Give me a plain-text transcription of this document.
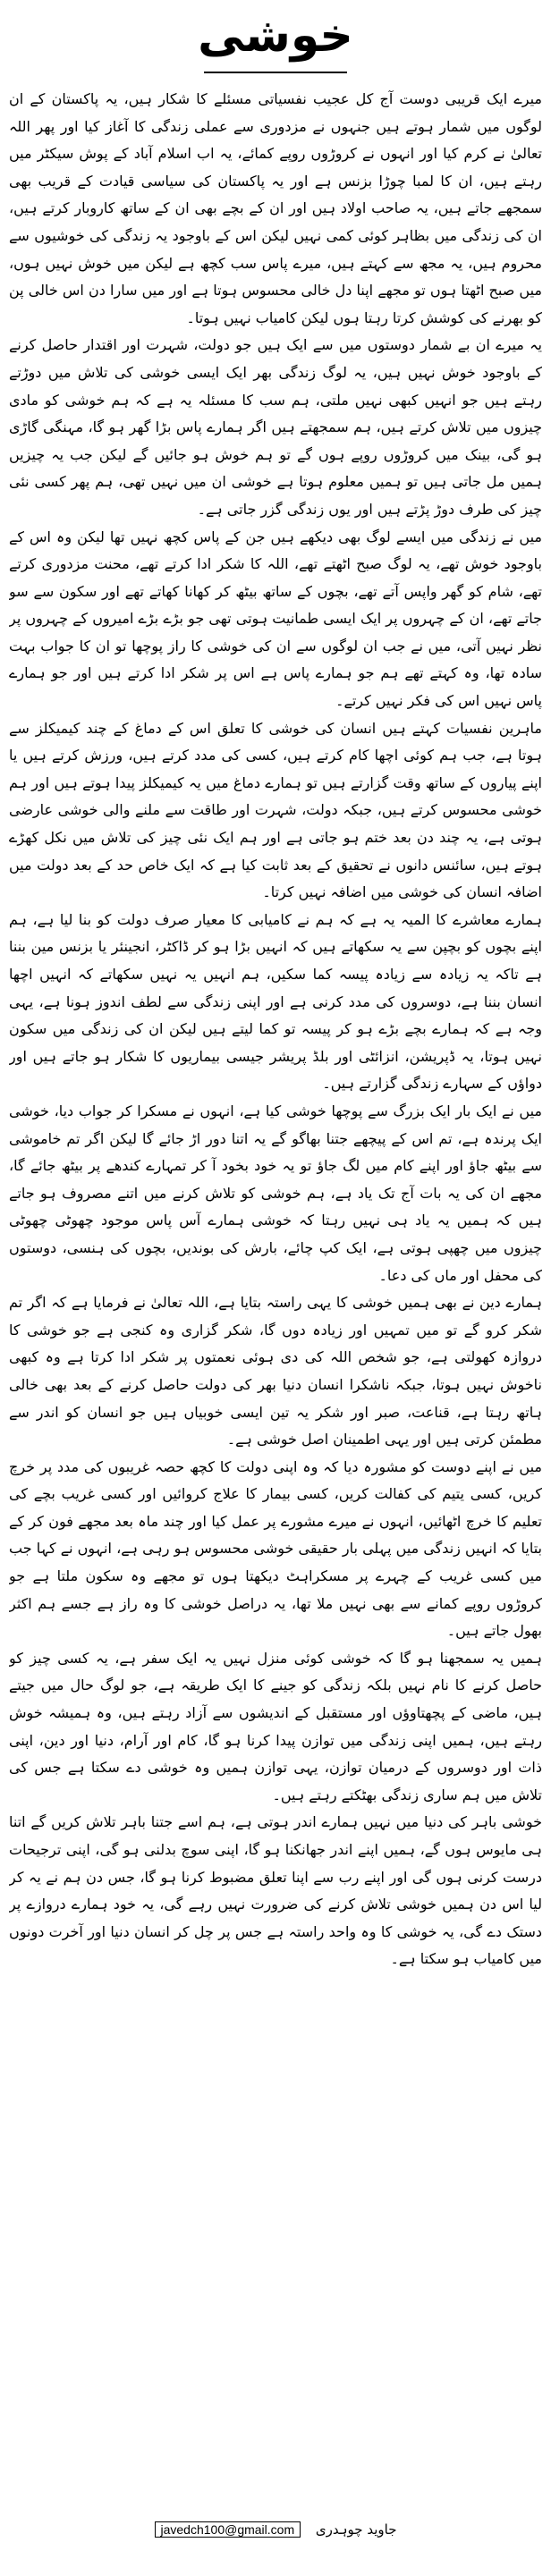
خوشی

میرے ایک قریبی دوست آج کل عجیب نفسیاتی مسئلے کا شکار ہیں، یہ پاکستان کے ان لوگوں میں شمار ہوتے ہیں جنہوں نے مزدوری سے عملی زندگی کا آغاز کیا اور پھر اللہ تعالیٰ نے کرم کیا اور انہوں نے کروڑوں روپے کمائے، یہ اب اسلام آباد کے پوش سیکٹر میں رہتے ہیں، ان کا لمبا چوڑا بزنس ہے اور یہ پاکستان کی سیاسی قیادت کے قریب بھی سمجھے جاتے ہیں، یہ صاحب اولاد ہیں اور ان کے بچے بھی ان کے ساتھ کاروبار کرتے ہیں، ان کی زندگی میں بظاہر کوئی کمی نہیں لیکن اس کے باوجود یہ زندگی کی خوشیوں سے محروم ہیں، یہ مجھ سے کہتے ہیں، میرے پاس سب کچھ ہے لیکن میں خوش نہیں ہوں، میں صبح اٹھتا ہوں تو مجھے اپنا دل خالی محسوس ہوتا ہے اور میں سارا دن اس خالی پن کو بھرنے کی کوشش کرتا رہتا ہوں لیکن کامیاب نہیں ہوتا۔

یہ میرے ان بے شمار دوستوں میں سے ایک ہیں جو دولت، شہرت اور اقتدار حاصل کرنے کے باوجود خوش نہیں ہیں، یہ لوگ زندگی بھر ایک ایسی خوشی کی تلاش میں دوڑتے رہتے ہیں جو انہیں کبھی نہیں ملتی، ہم سب کا مسئلہ یہ ہے کہ ہم خوشی کو مادی چیزوں میں تلاش کرتے ہیں، ہم سمجھتے ہیں اگر ہمارے پاس بڑا گھر ہو گا، مہنگی گاڑی ہو گی، بینک میں کروڑوں روپے ہوں گے تو ہم خوش ہو جائیں گے لیکن جب یہ چیزیں ہمیں مل جاتی ہیں تو ہمیں معلوم ہوتا ہے خوشی ان میں نہیں تھی، ہم پھر کسی نئی چیز کی طرف دوڑ پڑتے ہیں اور یوں زندگی گزر جاتی ہے۔

میں نے زندگی میں ایسے لوگ بھی دیکھے ہیں جن کے پاس کچھ نہیں تھا لیکن وہ اس کے باوجود خوش تھے، یہ لوگ صبح اٹھتے تھے، اللہ کا شکر ادا کرتے تھے، محنت مزدوری کرتے تھے، شام کو گھر واپس آتے تھے، بچوں کے ساتھ بیٹھ کر کھانا کھاتے تھے اور سکون سے سو جاتے تھے، ان کے چہروں پر ایک ایسی طمانیت ہوتی تھی جو بڑے بڑے امیروں کے چہروں پر نظر نہیں آتی، میں نے جب ان لوگوں سے ان کی خوشی کا راز پوچھا تو ان کا جواب بہت سادہ تھا، وہ کہتے تھے ہم جو ہمارے پاس ہے اس پر شکر ادا کرتے ہیں اور جو ہمارے پاس نہیں اس کی فکر نہیں کرتے۔

ماہرین نفسیات کہتے ہیں انسان کی خوشی کا تعلق اس کے دماغ کے چند کیمیکلز سے ہوتا ہے، جب ہم کوئی اچھا کام کرتے ہیں، کسی کی مدد کرتے ہیں، ورزش کرتے ہیں یا اپنے پیاروں کے ساتھ وقت گزارتے ہیں تو ہمارے دماغ میں یہ کیمیکلز پیدا ہوتے ہیں اور ہم خوشی محسوس کرتے ہیں، جبکہ دولت، شہرت اور طاقت سے ملنے والی خوشی عارضی ہوتی ہے، یہ چند دن بعد ختم ہو جاتی ہے اور ہم ایک نئی چیز کی تلاش میں نکل کھڑے ہوتے ہیں، سائنس دانوں نے تحقیق کے بعد ثابت کیا ہے کہ ایک خاص حد کے بعد دولت میں اضافہ انسان کی خوشی میں اضافہ نہیں کرتا۔

ہمارے معاشرے کا المیہ یہ ہے کہ ہم نے کامیابی کا معیار صرف دولت کو بنا لیا ہے، ہم اپنے بچوں کو بچپن سے یہ سکھاتے ہیں کہ انہیں بڑا ہو کر ڈاکٹر، انجینئر یا بزنس مین بننا ہے تاکہ یہ زیادہ سے زیادہ پیسہ کما سکیں، ہم انہیں یہ نہیں سکھاتے کہ انہیں اچھا انسان بننا ہے، دوسروں کی مدد کرنی ہے اور اپنی زندگی سے لطف اندوز ہونا ہے، یہی وجہ ہے کہ ہمارے بچے بڑے ہو کر پیسہ تو کما لیتے ہیں لیکن ان کی زندگی میں سکون نہیں ہوتا، یہ ڈپریشن، انزائٹی اور بلڈ پریشر جیسی بیماریوں کا شکار ہو جاتے ہیں اور دواؤں کے سہارے زندگی گزارتے ہیں۔

میں نے ایک بار ایک بزرگ سے پوچھا خوشی کیا ہے، انہوں نے مسکرا کر جواب دیا، خوشی ایک پرندہ ہے، تم اس کے پیچھے جتنا بھاگو گے یہ اتنا دور اڑ جائے گا لیکن اگر تم خاموشی سے بیٹھ جاؤ اور اپنے کام میں لگ جاؤ تو یہ خود بخود آ کر تمہارے کندھے پر بیٹھ جائے گا، مجھے ان کی یہ بات آج تک یاد ہے، ہم خوشی کو تلاش کرنے میں اتنے مصروف ہو جاتے ہیں کہ ہمیں یہ یاد ہی نہیں رہتا کہ خوشی ہمارے آس پاس موجود چھوٹی چھوٹی چیزوں میں چھپی ہوتی ہے، ایک کپ چائے، بارش کی بوندیں، بچوں کی ہنسی، دوستوں کی محفل اور ماں کی دعا۔

ہمارے دین نے بھی ہمیں خوشی کا یہی راستہ بتایا ہے، اللہ تعالیٰ نے فرمایا ہے کہ اگر تم شکر کرو گے تو میں تمہیں اور زیادہ دوں گا، شکر گزاری وہ کنجی ہے جو خوشی کا دروازہ کھولتی ہے، جو شخص اللہ کی دی ہوئی نعمتوں پر شکر ادا کرتا ہے وہ کبھی ناخوش نہیں ہوتا، جبکہ ناشکرا انسان دنیا بھر کی دولت حاصل کرنے کے بعد بھی خالی ہاتھ رہتا ہے، قناعت، صبر اور شکر یہ تین ایسی خوبیاں ہیں جو انسان کو اندر سے مطمئن کرتی ہیں اور یہی اطمینان اصل خوشی ہے۔

میں نے اپنے دوست کو مشورہ دیا کہ وہ اپنی دولت کا کچھ حصہ غریبوں کی مدد پر خرچ کریں، کسی یتیم کی کفالت کریں، کسی بیمار کا علاج کروائیں اور کسی غریب بچے کی تعلیم کا خرچ اٹھائیں، انہوں نے میرے مشورے پر عمل کیا اور چند ماہ بعد مجھے فون کر کے بتایا کہ انہیں زندگی میں پہلی بار حقیقی خوشی محسوس ہو رہی ہے، انہوں نے کہا جب میں کسی غریب کے چہرے پر مسکراہٹ دیکھتا ہوں تو مجھے وہ سکون ملتا ہے جو کروڑوں روپے کمانے سے بھی نہیں ملا تھا، یہ دراصل خوشی کا وہ راز ہے جسے ہم اکثر بھول جاتے ہیں۔

ہمیں یہ سمجھنا ہو گا کہ خوشی کوئی منزل نہیں یہ ایک سفر ہے، یہ کسی چیز کو حاصل کرنے کا نام نہیں بلکہ زندگی کو جینے کا ایک طریقہ ہے، جو لوگ حال میں جیتے ہیں، ماضی کے پچھتاوؤں اور مستقبل کے اندیشوں سے آزاد رہتے ہیں، وہ ہمیشہ خوش رہتے ہیں، ہمیں اپنی زندگی میں توازن پیدا کرنا ہو گا، کام اور آرام، دنیا اور دین، اپنی ذات اور دوسروں کے درمیان توازن، یہی توازن ہمیں وہ خوشی دے سکتا ہے جس کی تلاش میں ہم ساری زندگی بھٹکتے رہتے ہیں۔

خوشی باہر کی دنیا میں نہیں ہمارے اندر ہوتی ہے، ہم اسے جتنا باہر تلاش کریں گے اتنا ہی مایوس ہوں گے، ہمیں اپنے اندر جھانکنا ہو گا، اپنی سوچ بدلنی ہو گی، اپنی ترجیحات درست کرنی ہوں گی اور اپنے رب سے اپنا تعلق مضبوط کرنا ہو گا، جس دن ہم نے یہ کر لیا اس دن ہمیں خوشی تلاش کرنے کی ضرورت نہیں رہے گی، یہ خود ہمارے دروازے پر دستک دے گی، یہ خوشی کا وہ واحد راستہ ہے جس پر چل کر انسان دنیا اور آخرت دونوں میں کامیاب ہو سکتا ہے۔

جاوید چوہدری javedch100@gmail.com
